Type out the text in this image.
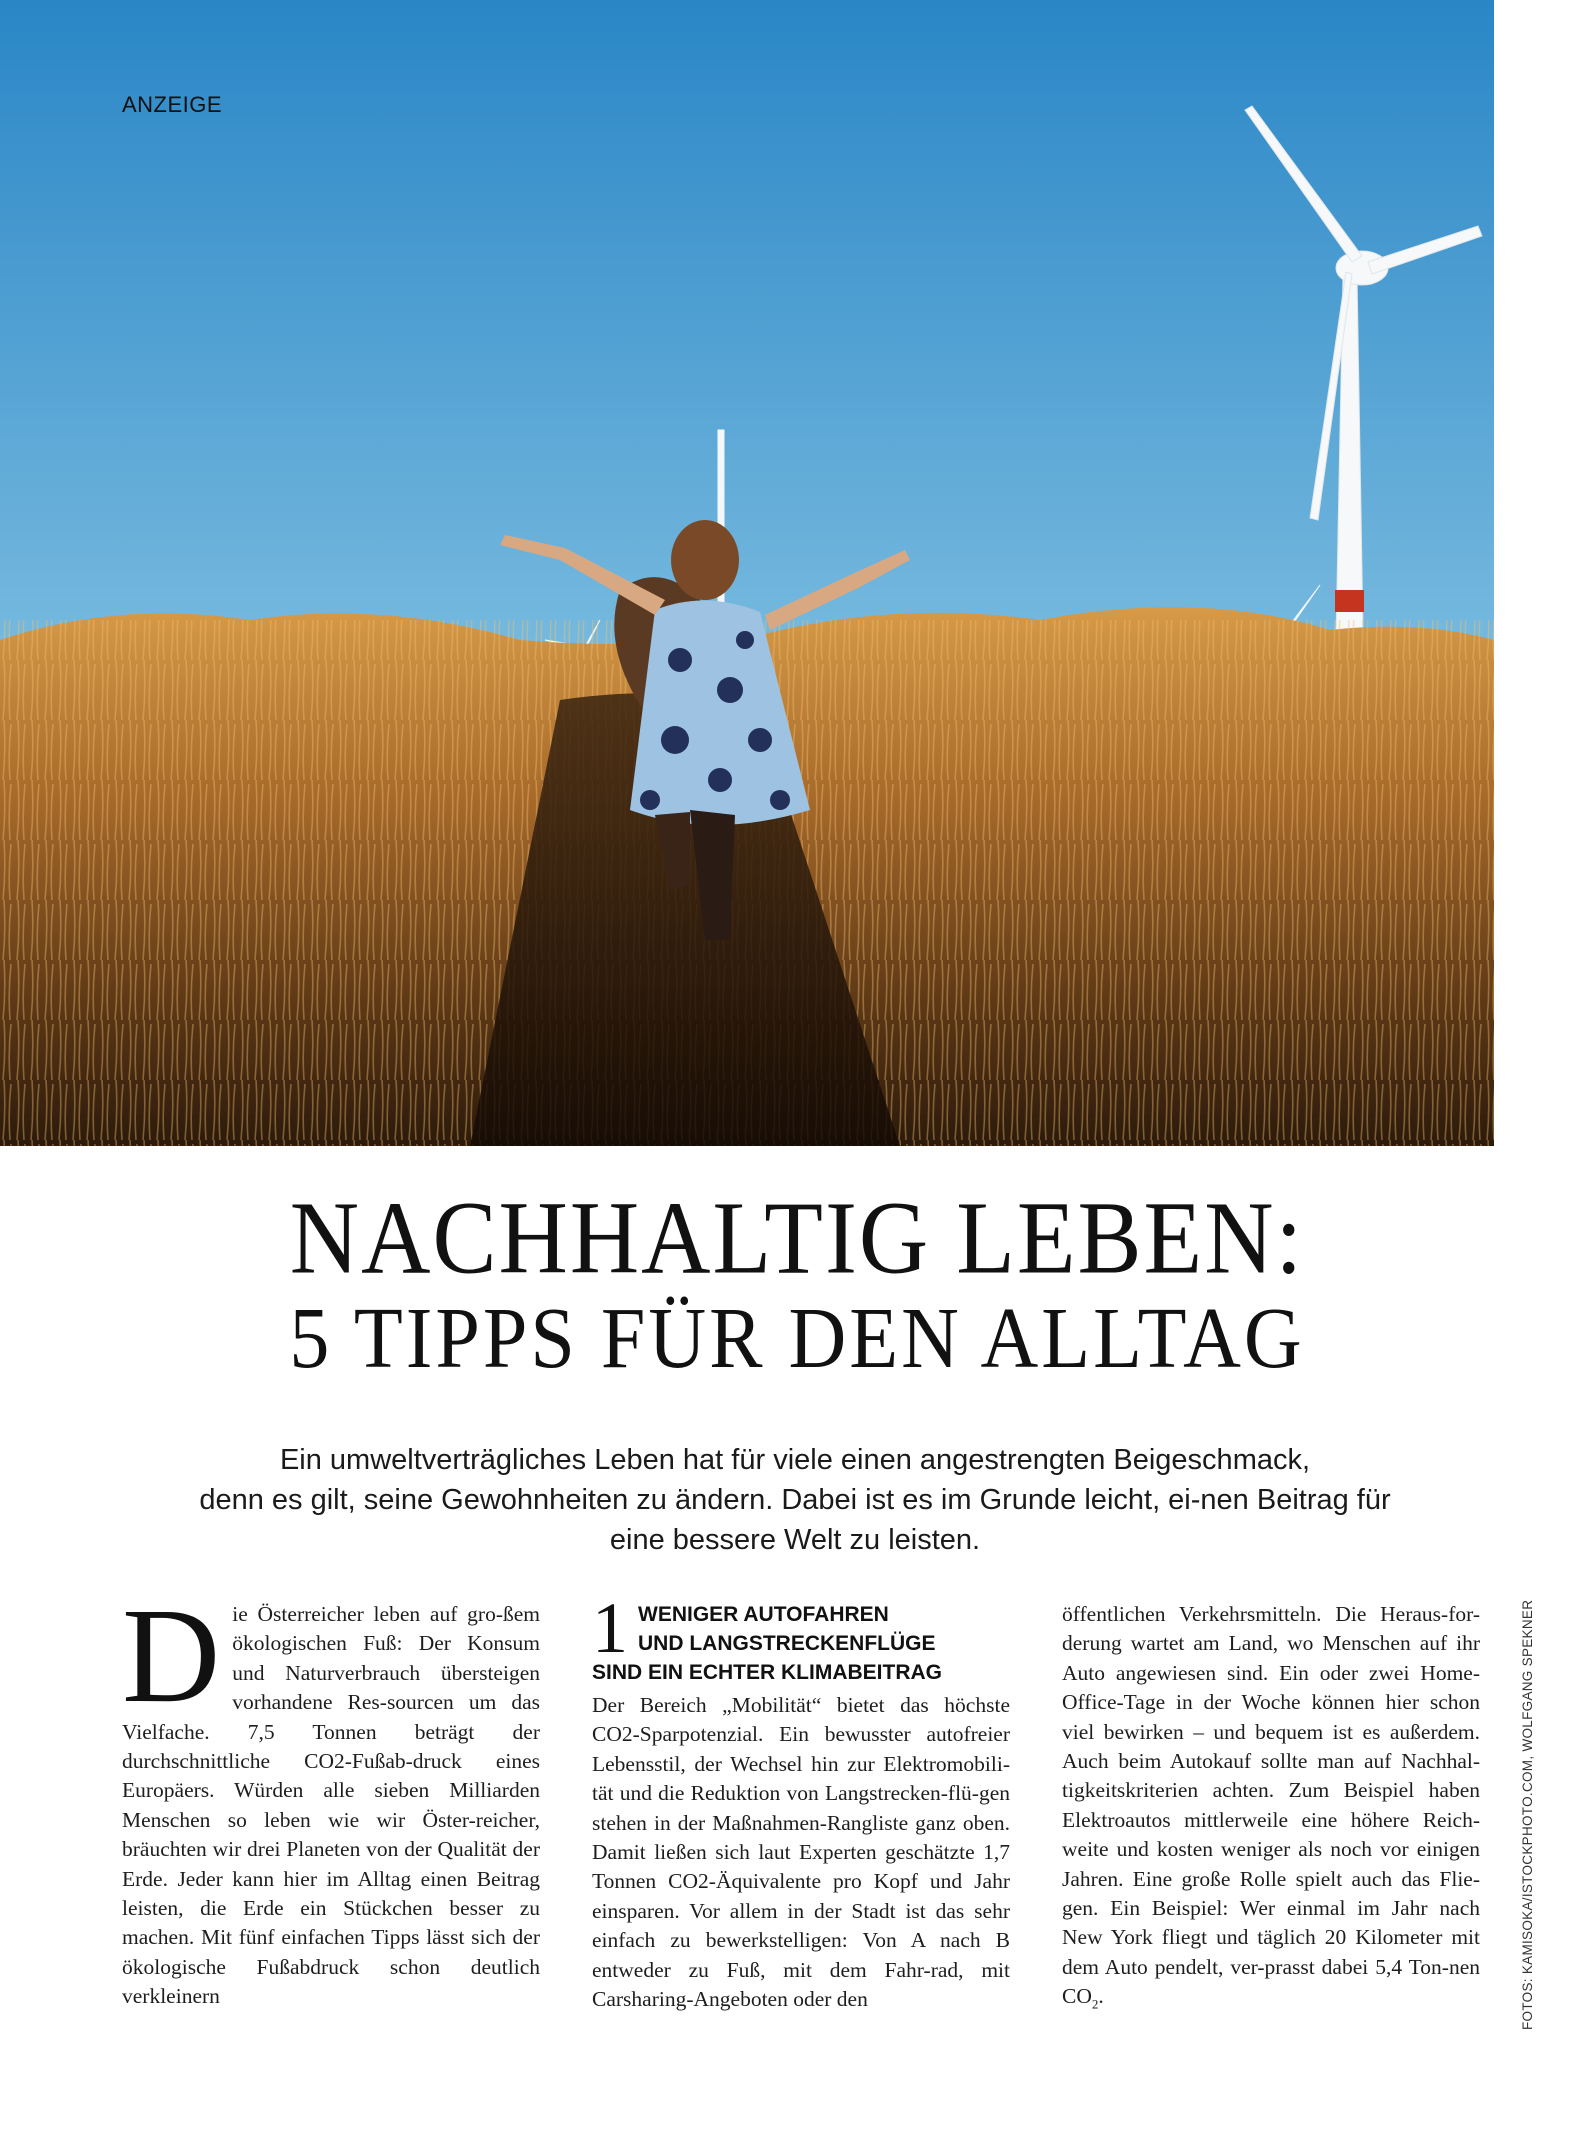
ANZEIGE
NACHHALTIG LEBEN:
5 TIPPS FÜR DEN ALLTAG

Ein umweltverträgliches Leben hat für viele einen angestrengten Beigeschmack,
denn es gilt, seine Gewohnheiten zu ändern. Dabei ist es im Grunde leicht, ei-nen Beitrag für
eine bessere Welt zu leisten.

D ie Österreicher leben auf gro-ßem ökologischen Fuß: Der Konsum und Naturverbrauch übersteigen vorhandene Res-sourcen um das Vielfache. 7,5 Tonnen beträgt der durchschnittliche CO2-Fußab-druck eines Europäers. Würden alle sieben Milliarden Menschen so leben wie wir Öster-reicher, bräuchten wir drei Planeten von der Qualität der Erde. Jeder kann hier im Alltag einen Beitrag leisten, die Erde ein Stückchen besser zu machen. Mit fünf einfachen Tipps lässt sich der ökologische Fußabdruck schon deutlich verkleinern
1 WENIGER AUTOFAHREN
UND LANGSTRECKENFLÜGE
SIND EIN ECHTER KLIMABEITRAG
Der Bereich „Mobilität“ bietet das höchste CO2-Sparpotenzial. Ein bewusster autofreier Lebensstil, der Wechsel hin zur Elektromobili-tät und die Reduktion von Langstrecken-flü-gen stehen in der Maßnahmen-Rangliste ganz oben. Damit ließen sich laut Experten geschätzte 1,7 Tonnen CO2-Äquivalente pro Kopf und Jahr einsparen. Vor allem in der Stadt ist das sehr einfach zu bewerkstelligen: Von A nach B entweder zu Fuß, mit dem Fahr-rad, mit Carsharing-Angeboten oder den
öffentlichen Verkehrsmitteln. Die Heraus-for-derung wartet am Land, wo Menschen auf ihr Auto angewiesen sind. Ein oder zwei Home-Office-Tage in der Woche können hier schon viel bewirken – und bequem ist es außerdem. Auch beim Autokauf sollte man auf Nachhal-tigkeitskriterien achten. Zum Beispiel haben Elektroautos mittlerweile eine höhere Reich-weite und kosten weniger als noch vor einigen Jahren. Eine große Rolle spielt auch das Flie-gen. Ein Beispiel: Wer einmal im Jahr nach New York fliegt und täglich 20 Kilometer mit dem Auto pendelt, ver-prasst dabei 5,4 Ton-nen $CO_2$.	FOTOS: KAMISOKA/ISTOCKPHOTO.COM, WOLFGANG SPEKNER
